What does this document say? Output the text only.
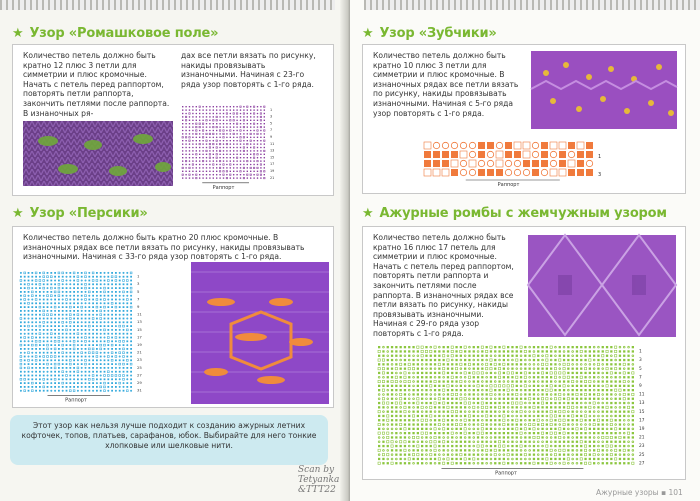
★ Узор «Ромашковое поле»
Количество петель должно быть кратно 12 плюс 3 петли для симметрии и плюс кромочные. Начать с петель перед раппортом, повторять петли раппорта, закончить петлями после раппорта. В изнаночных ря-
дах все петли вязать по рисунку, накиды провязывать изнаночными. Начиная с 23-го ряда узор повторять с 1-го ряда.
21
19
17
15
13
11
9
7
5
3
1
Раппорт
★ Узор «Персики»
Количество петель должно быть кратно 20 плюс кромочные. В изнаночных рядах все петли вязать по рисунку, накиды провязывать изнаночными. Начиная с 33-го ряда узор повторять с 1-го ряда.
31
29
27
25
23
21
19
17
15
13
11
9
7
5
3
1
Раппорт
Этот узор как нельзя лучше подходит к созданию ажурных летних кофточек, топов, платьев, сарафанов, юбок. Выбирайте для него тонкие хлопковые или шелковые нити.
Scan by Tetyanka &TTT22
★ Узор «Зубчики»
Количество петель должно быть кратно 10 плюс 3 петли для симметрии и плюс кромочные. В изнаночных рядах все петли вязать по рисунку, накиды провязывать изнаночными. Начиная с 5-го ряда узор повторять с 1-го ряда.
3
1
Раппорт
★ Ажурные ромбы с жемчужным узором
Количество петель должно быть кратно 16 плюс 17 петель для симметрии и плюс кромочные. Начать с петель перед раппортом, повторять петли раппорта и закончить петлями после раппорта. В изнаночных рядах все петли вязать по рисунку, накиды провязывать изнаночными. Начиная с 29-го ряда узор повторять с 1-го ряда.
27
25
23
21
19
17
15
13
11
9
7
5
3
1
Раппорт
Ажурные узоры ▪ 101
